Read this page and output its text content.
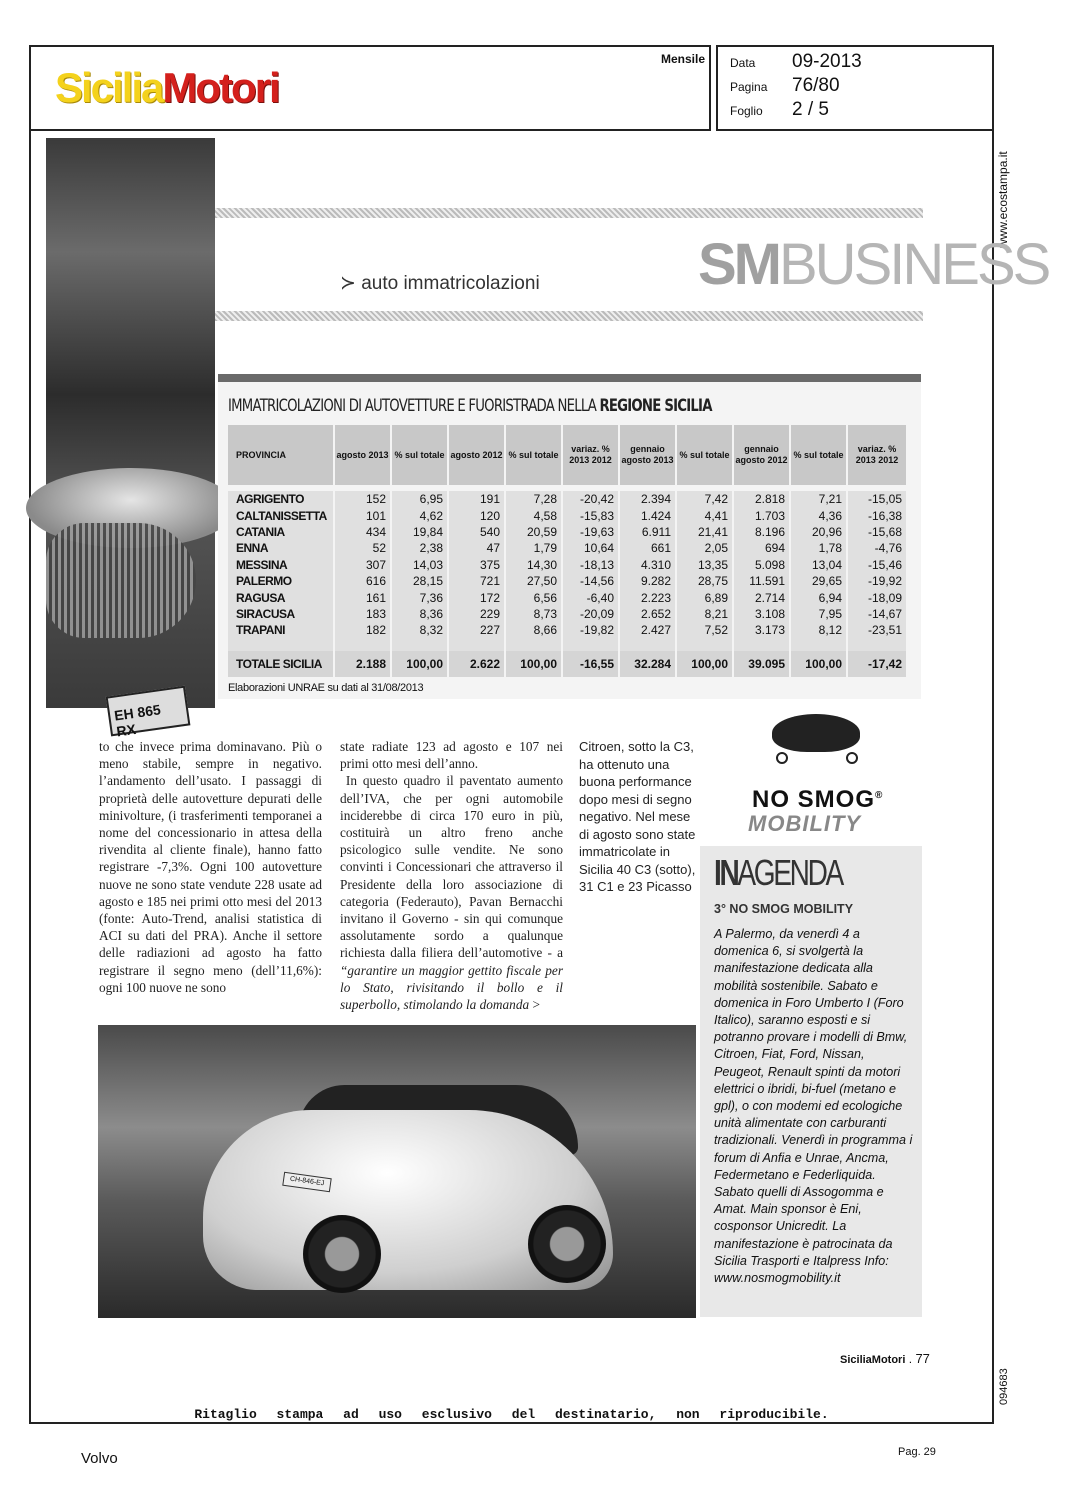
SiciliaMotori
Mensile Data 09-2013
Pagina 76/80
Foglio 2 / 5
www.ecostampa.it
094683
EH 865 RX
≻ auto immatricolazioni	SMBUSINESS
IMMATRICOLAZIONI DI AUTOVETTURE E FUORISTRADA NELLA REGIONE SICILIA
PROVINCIA	agosto 2013	% sul totale	agosto 2012	% sul totale	variaz. % 2013 2012	gennaio agosto 2013	% sul totale	gennaio agosto 2012	% sul totale	variaz. % 2013 2012

AGRIGENTO	152	6,95	191	7,28	-20,42	2.394	7,42	2.818	7,21	-15,05
CALTANISSETTA	101	4,62	120	4,58	-15,83	1.424	4,41	1.703	4,36	-16,38
CATANIA	434	19,84	540	20,59	-19,63	6.911	21,41	8.196	20,96	-15,68
ENNA	52	2,38	47	1,79	10,64	661	2,05	694	1,78	-4,76
MESSINA	307	14,03	375	14,30	-18,13	4.310	13,35	5.098	13,04	-15,46
PALERMO	616	28,15	721	27,50	-14,56	9.282	28,75	11.591	29,65	-19,92
RAGUSA	161	7,36	172	6,56	-6,40	2.223	6,89	2.714	6,94	-18,09
SIRACUSA	183	8,36	229	8,73	-20,09	2.652	8,21	3.108	7,95	-14,67
TRAPANI	182	8,32	227	8,66	-19,82	2.427	7,52	3.173	8,12	-23,51

TOTALE SICILIA	2.188	100,00	2.622	100,00	-16,55	32.284	100,00	39.095	100,00	-17,42
Elaborazioni UNRAE su dati al 31/08/2013
to che invece prima dominavano. Più o meno stabile, sempre in negativo. l’andamento dell’usato. I passaggi di proprietà delle autovetture depurati delle minivolture, (i trasferimenti temporanei a nome del concessionario in attesa della rivendita al cliente finale), hanno fatto registrare -7,3%. Ogni 100 autovetture nuove ne sono state vendute 228 usate ad agosto e 185 nei primi otto mesi del 2013 (fonte: Auto-Trend, analisi statistica di ACI su dati del PRA). Anche il settore delle radiazioni ad agosto ha fatto registrare il segno meno (dell’11,6%): ogni 100 nuove ne sono
state radiate 123 ad agosto e 107 nei primi otto mesi dell’anno.
In questo quadro il paventato aumento dell’IVA, che per ogni automobile inciderebbe di circa 170 euro in più, costituirà un altro freno anche psicologico sulle vendite. Ne sono convinti i Concessionari che attraverso il Presidente della loro associazione di categoria (Federauto), Pavan Bernacchi invitano il Governo - sin qui comunque assolutamente sordo a qualunque richiesta dalla filiera dell’automotive - a “garantire un maggior gettito fiscale per lo Stato, rivisitando il bollo e il superbollo, stimolando la domanda >
Citroen, sotto la C3, ha ottenuto una buona performance dopo mesi di segno negativo. Nel mese di agosto sono state immatricolate in Sicilia 40 C3 (sotto), 31 C1 e 23 Picasso
NO SMOG®
MOBILITY
INAGENDA
3° NO SMOG MOBILITY
A Palermo, da venerdì 4 a domenica 6, si svolgertà la manifestazione dedicata alla mobilità sostenibile. Sabato e domenica in Foro Umberto I (Foro Italico), saranno esposti e si potranno provare i modelli di Bmw, Citroen, Fiat, Ford, Nissan, Peugeot, Renault spinti da motori elettrici o ibridi, bi-fuel (metano e gpl), o con modemi ed ecologiche unità alimentate con carburanti tradizionali. Venerdì in programma i forum di Anfia e Unrae, Ancma, Federmetano e Federliquida. Sabato quelli di Assogomma e Amat. Main sponsor è Eni, cosponsor Unicredit. La manifestazione è patrocinata da Sicilia Trasporti e Italpress Info: www.nosmogmobility.it
CH-846-EJ
SiciliaMotori . 77
Ritaglio stampa ad uso esclusivo del destinatario, non riproducibile.
Volvo	Pag. 29
